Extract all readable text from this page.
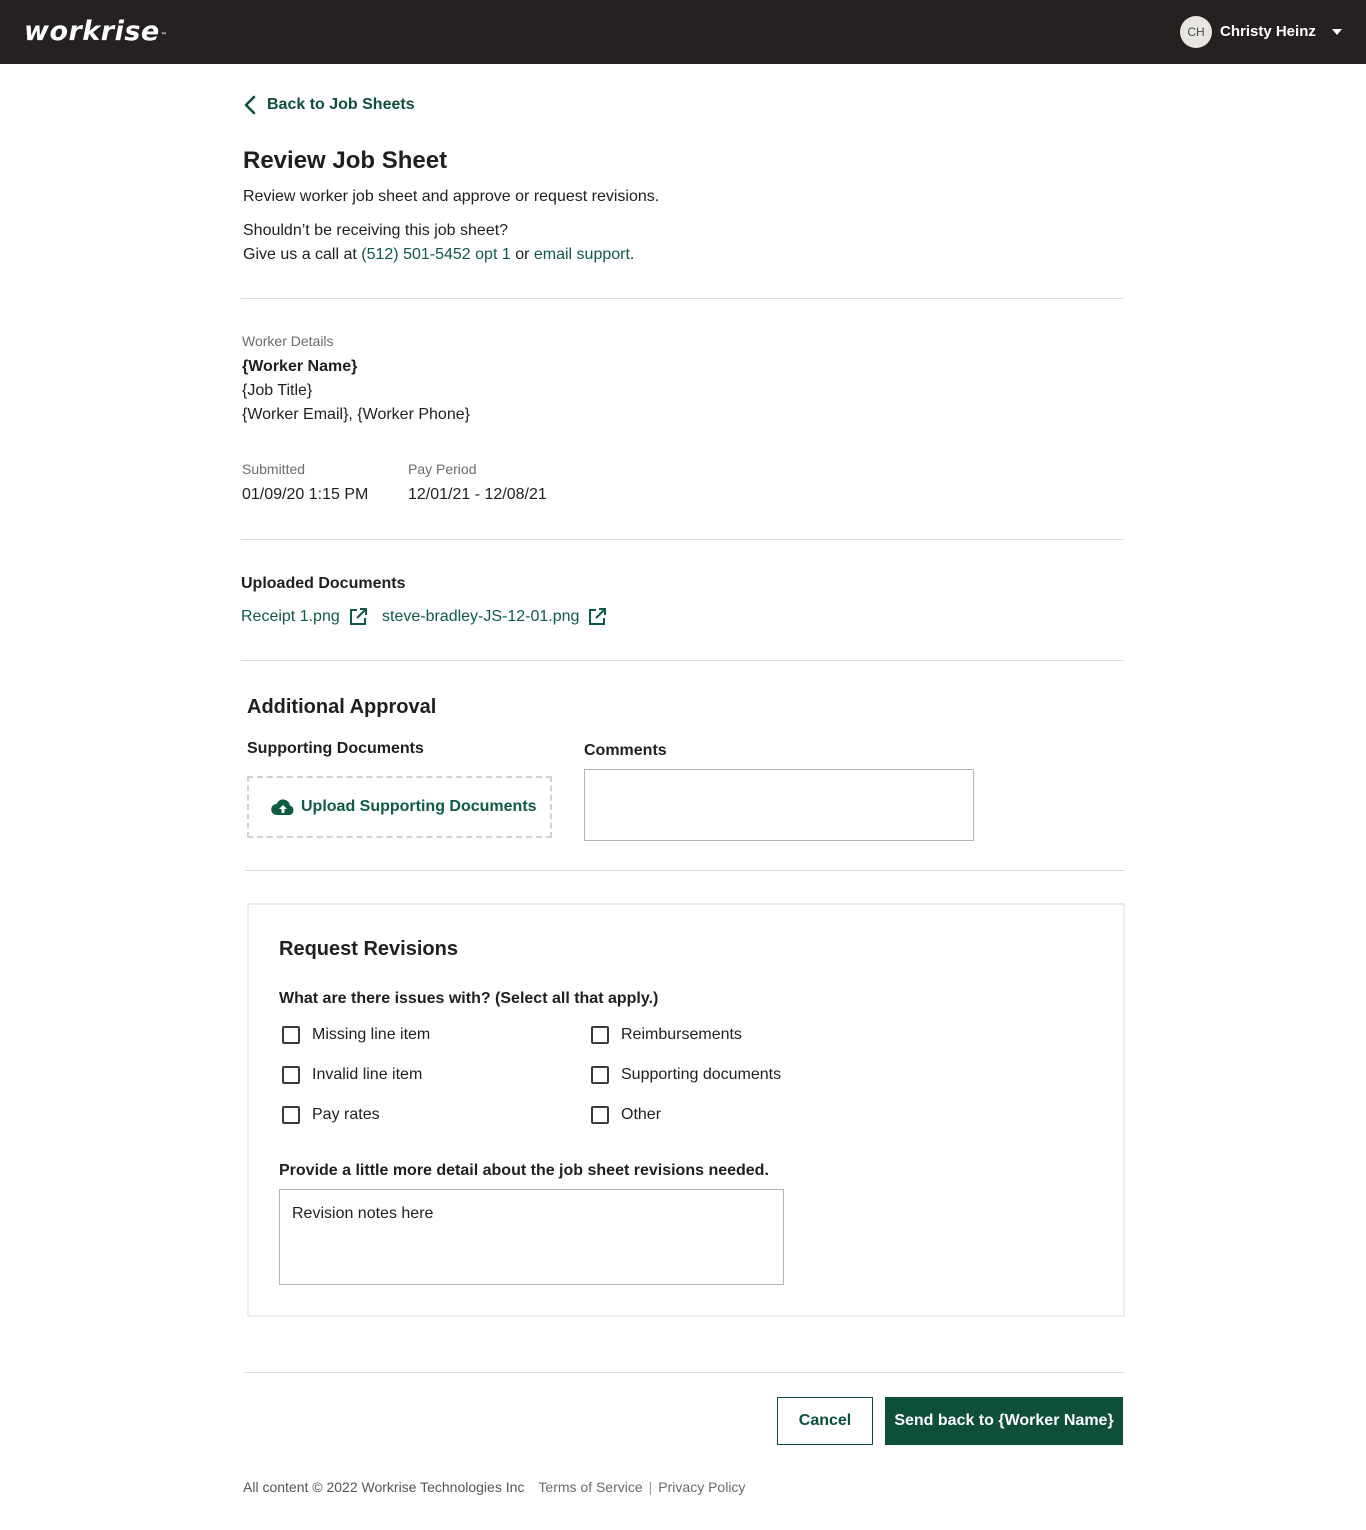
workrise™	CH	Christy Heinz
Back to Job Sheets
Review Job Sheet

Review worker job sheet and approve or request revisions.

Shouldn’t be receiving this job sheet?

Give us a call at (512) 501-5452 opt 1 or email support.

Worker Details
{Worker Name}
{Job Title}
{Worker Email}, {Worker Phone}
Submitted
01/09/20 1:15 PM
Pay Period
12/01/21 - 12/08/21
Uploaded Documents
Receipt 1.png	steve-bradley-JS-12-01.png
Additional Approval
Supporting Documents
Upload Supporting Documents
Comments
Request Revisions
What are there issues with? (Select all that apply.)
Missing line item
Invalid line item
Pay rates
Reimbursements
Supporting documents
Other
Provide a little more detail about the job sheet revisions needed.
Revision notes here
Cancel	Send back to {Worker Name}
All content © 2022 Workrise Technologies Inc Terms of Service | Privacy Policy
